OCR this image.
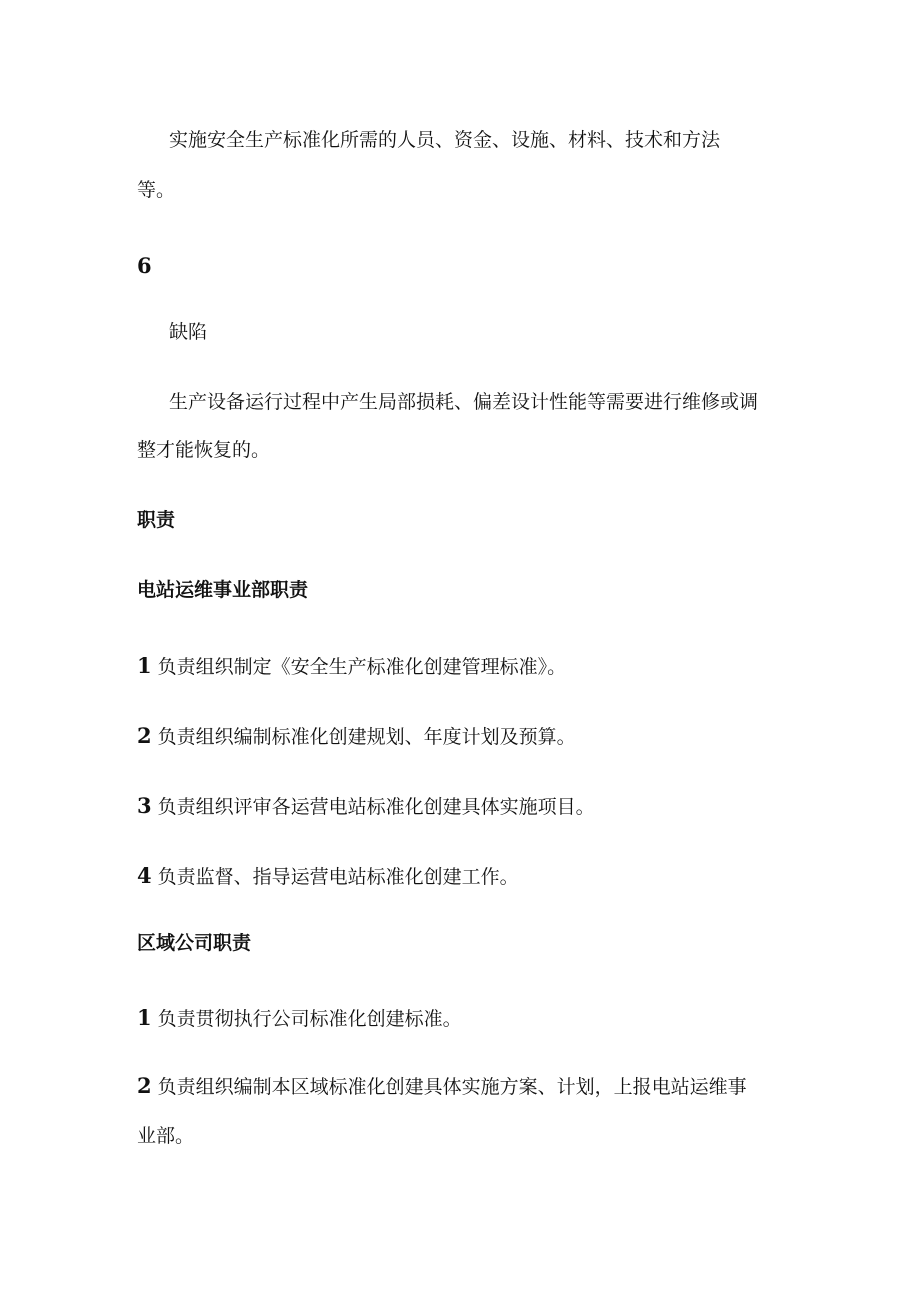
实施安全生产标准化所需的人员、资金、设施、材料、技术和方法
等。
6
缺陷
生产设备运行过程中产生局部损耗、偏差设计性能等需要进行维修或调
整才能恢复的。
职责
电站运维事业部职责
1 负责组织制定《安全生产标准化创建管理标准》。
2 负责组织编制标准化创建规划、年度计划及预算。
3 负责组织评审各运营电站标准化创建具体实施项目。
4 负责监督、指导运营电站标准化创建工作。
区域公司职责
1 负责贯彻执行公司标准化创建标准。
2 负责组织编制本区域标准化创建具体实施方案、计划，上报电站运维事
业部。
